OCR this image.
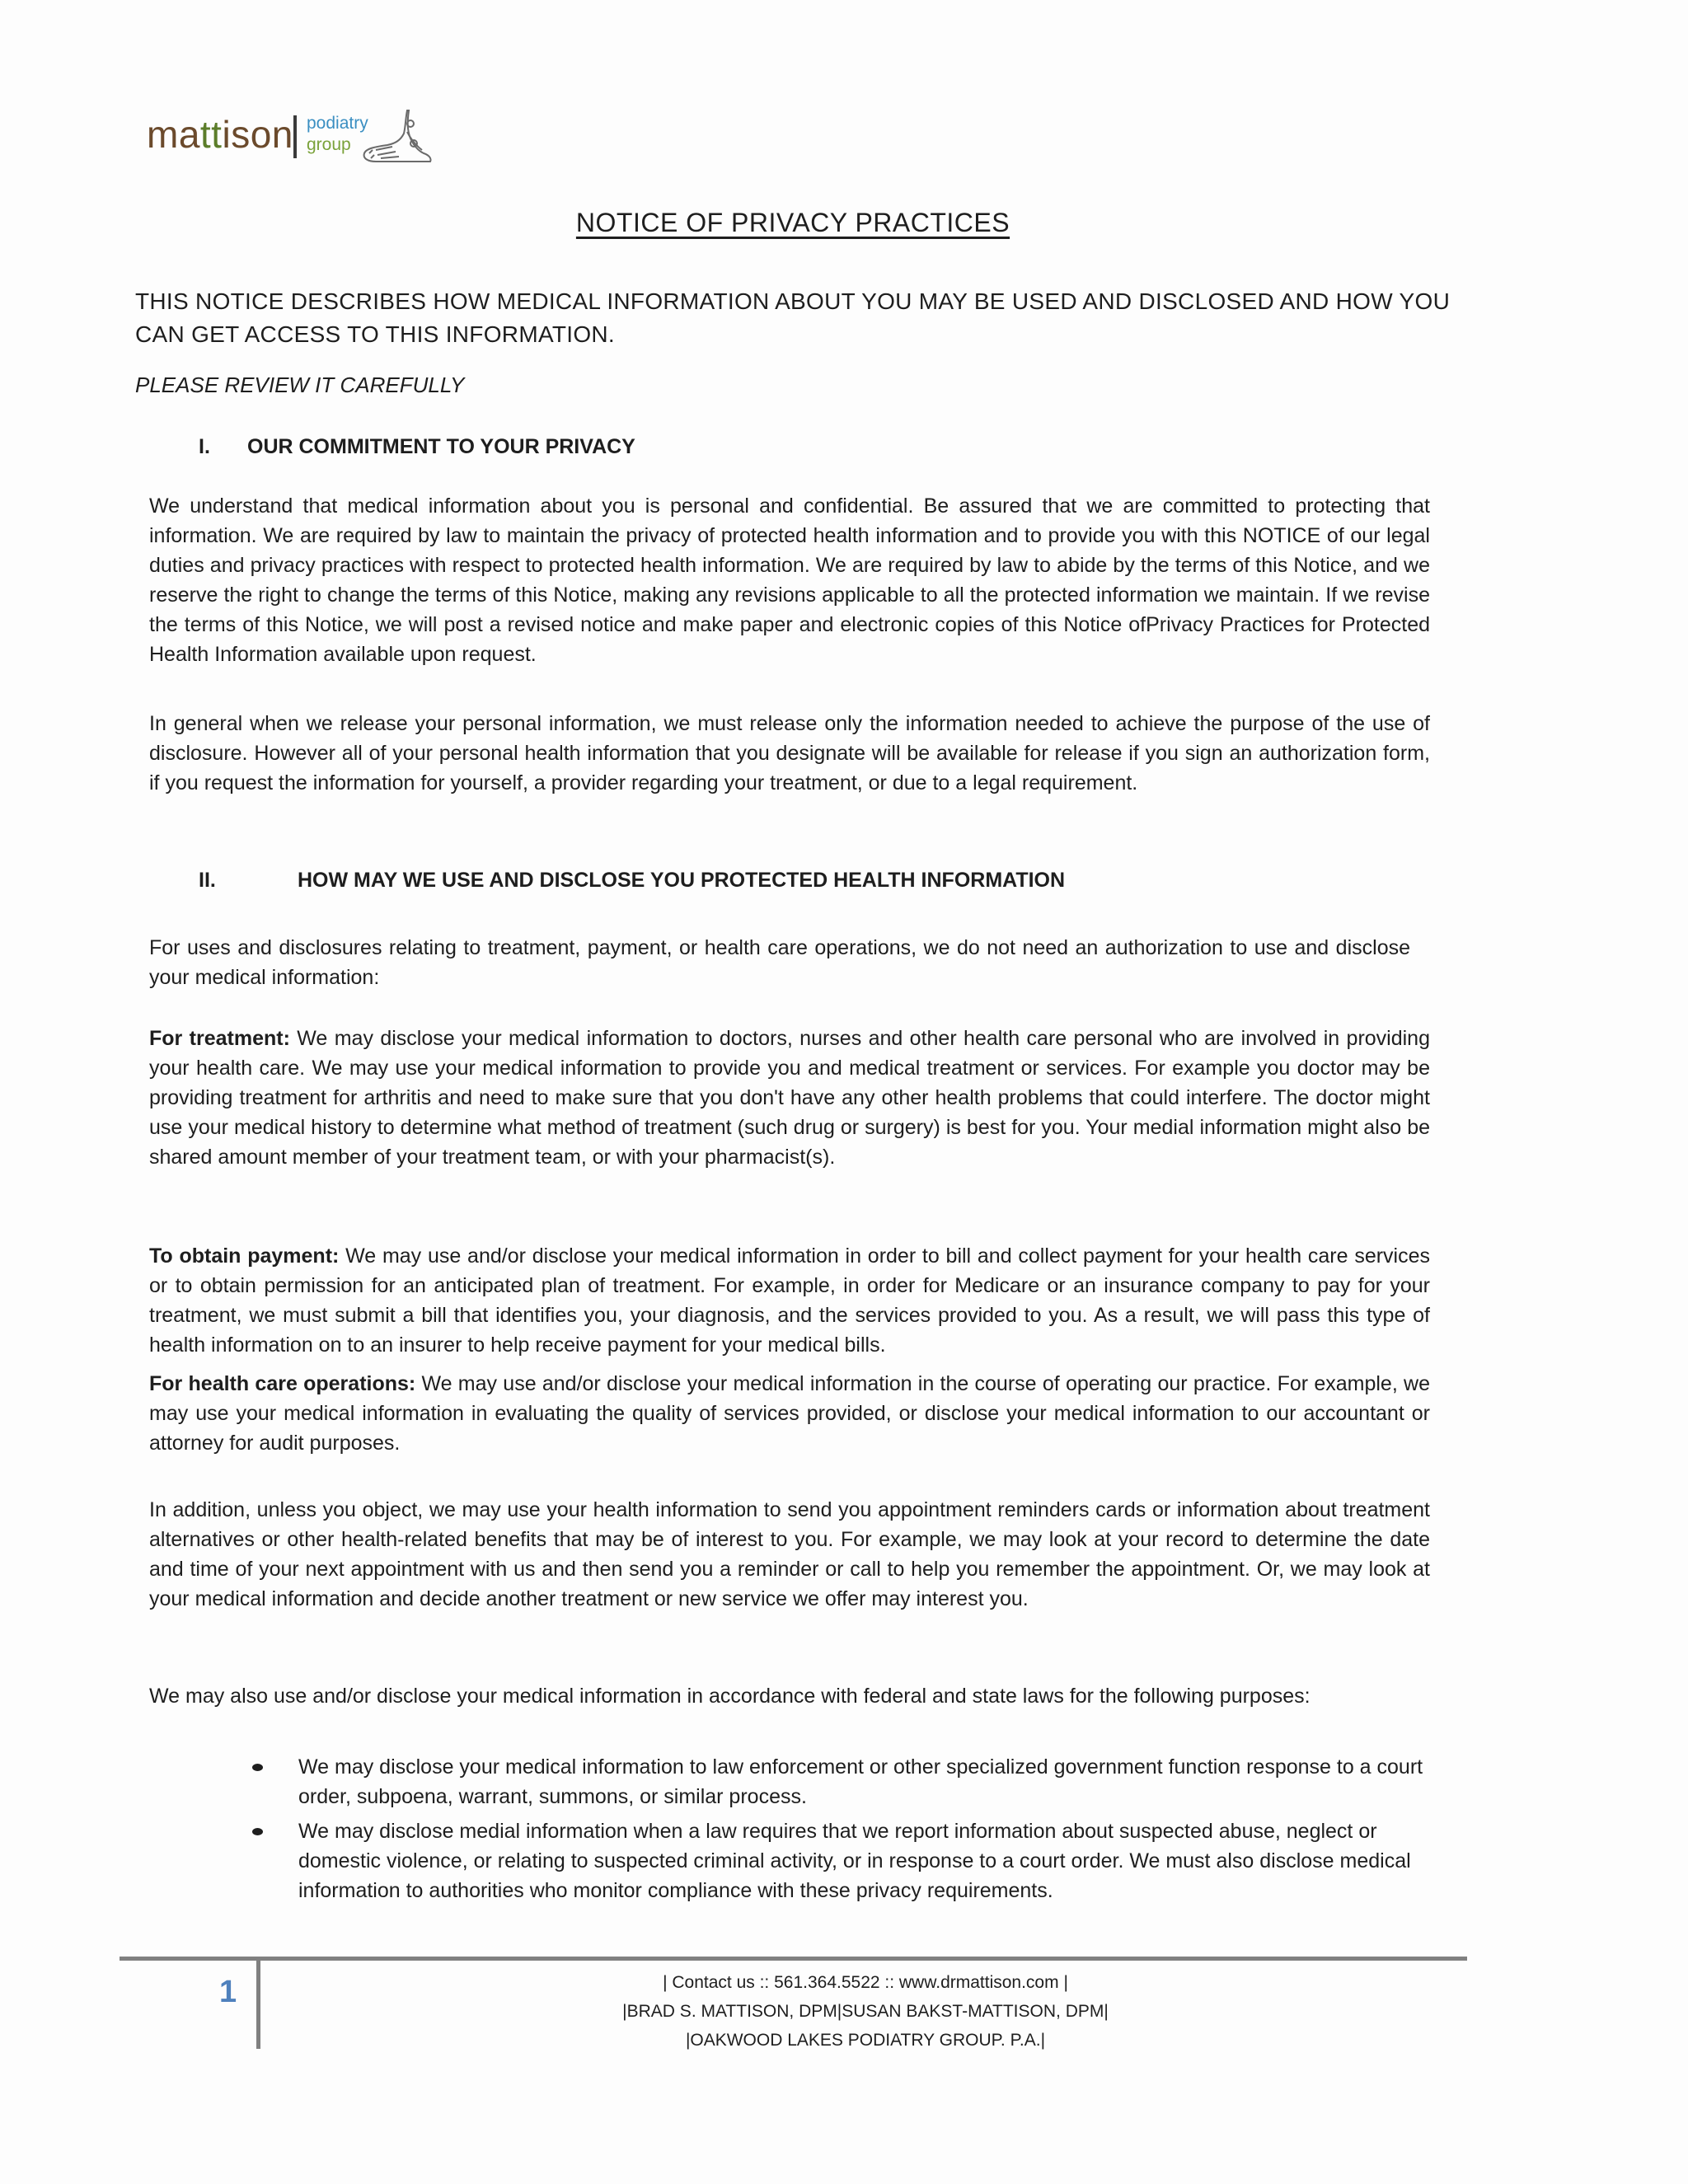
mattison podiatry
group
NOTICE OF PRIVACY PRACTICES
THIS NOTICE DESCRIBES HOW MEDICAL INFORMATION ABOUT YOU MAY BE USED AND DISCLOSED AND HOW YOU CAN GET ACCESS TO THIS INFORMATION.
PLEASE REVIEW IT CAREFULLY
I. OUR COMMITMENT TO YOUR PRIVACY

We understand that medical information about you is personal and confidential. Be assured that we are committed to protecting that information. We are required by law to maintain the privacy of protected health information and to provide you with this NOTICE of our legal duties and privacy practices with respect to protected health information. We are required by law to abide by the terms of this Notice, and we reserve the right to change the terms of this Notice, making any revisions applicable to all the protected information we maintain. If we revise the terms of this Notice, we will post a revised notice and make paper and electronic copies of this Notice ofPrivacy Practices for Protected Health Information available upon request.

In general when we release your personal information, we must release only the information needed to achieve the purpose of the use of disclosure. However all of your personal health information that you designate will be available for release if you sign an authorization form, if you request the information for yourself, a provider regarding your treatment, or due to a legal requirement.

II.	HOW MAY WE USE AND DISCLOSE YOU PROTECTED HEALTH INFORMATION

For uses and disclosures relating to treatment, payment, or health care operations, we do not need an authorization to use and disclose your medical information:

For treatment: We may disclose your medical information to doctors, nurses and other health care personal who are involved in providing your health care. We may use your medical information to provide you and medical treatment or services. For example you doctor may be providing treatment for arthritis and need to make sure that you don't have any other health problems that could interfere. The doctor might use your medical history to determine what method of treatment (such drug or surgery) is best for you. Your medial information might also be shared amount member of your treatment team, or with your pharmacist(s).

To obtain payment: We may use and/or disclose your medical information in order to bill and collect payment for your health care services or to obtain permission for an anticipated plan of treatment. For example, in order for Medicare or an insurance company to pay for your treatment, we must submit a bill that identifies you, your diagnosis, and the services provided to you. As a result, we will pass this type of health information on to an insurer to help receive payment for your medical bills.

For health care operations: We may use and/or disclose your medical information in the course of operating our practice. For example, we may use your medical information in evaluating the quality of services provided, or disclose your medical information to our accountant or attorney for audit purposes.

In addition, unless you object, we may use your health information to send you appointment reminders cards or information about treatment alternatives or other health-related benefits that may be of interest to you. For example, we may look at your record to determine the date and time of your next appointment with us and then send you a reminder or call to help you remember the appointment. Or, we may look at your medical information and decide another treatment or new service we offer may interest you.

We may also use and/or disclose your medical information in accordance with federal and state laws for the following purposes:

We may disclose your medical information to law enforcement or other specialized government function response to a court order, subpoena, warrant, summons, or similar process.
We may disclose medial information when a law requires that we report information about suspected abuse, neglect or domestic violence, or relating to suspected criminal activity, or in response to a court order. We must also disclose medical information to authorities who monitor compliance with these privacy requirements.
1	| Contact us :: 561.364.5522 :: www.drmattison.com |
|BRAD S. MATTISON, DPM|SUSAN BAKST-MATTISON, DPM|
|OAKWOOD LAKES PODIATRY GROUP. P.A.|
